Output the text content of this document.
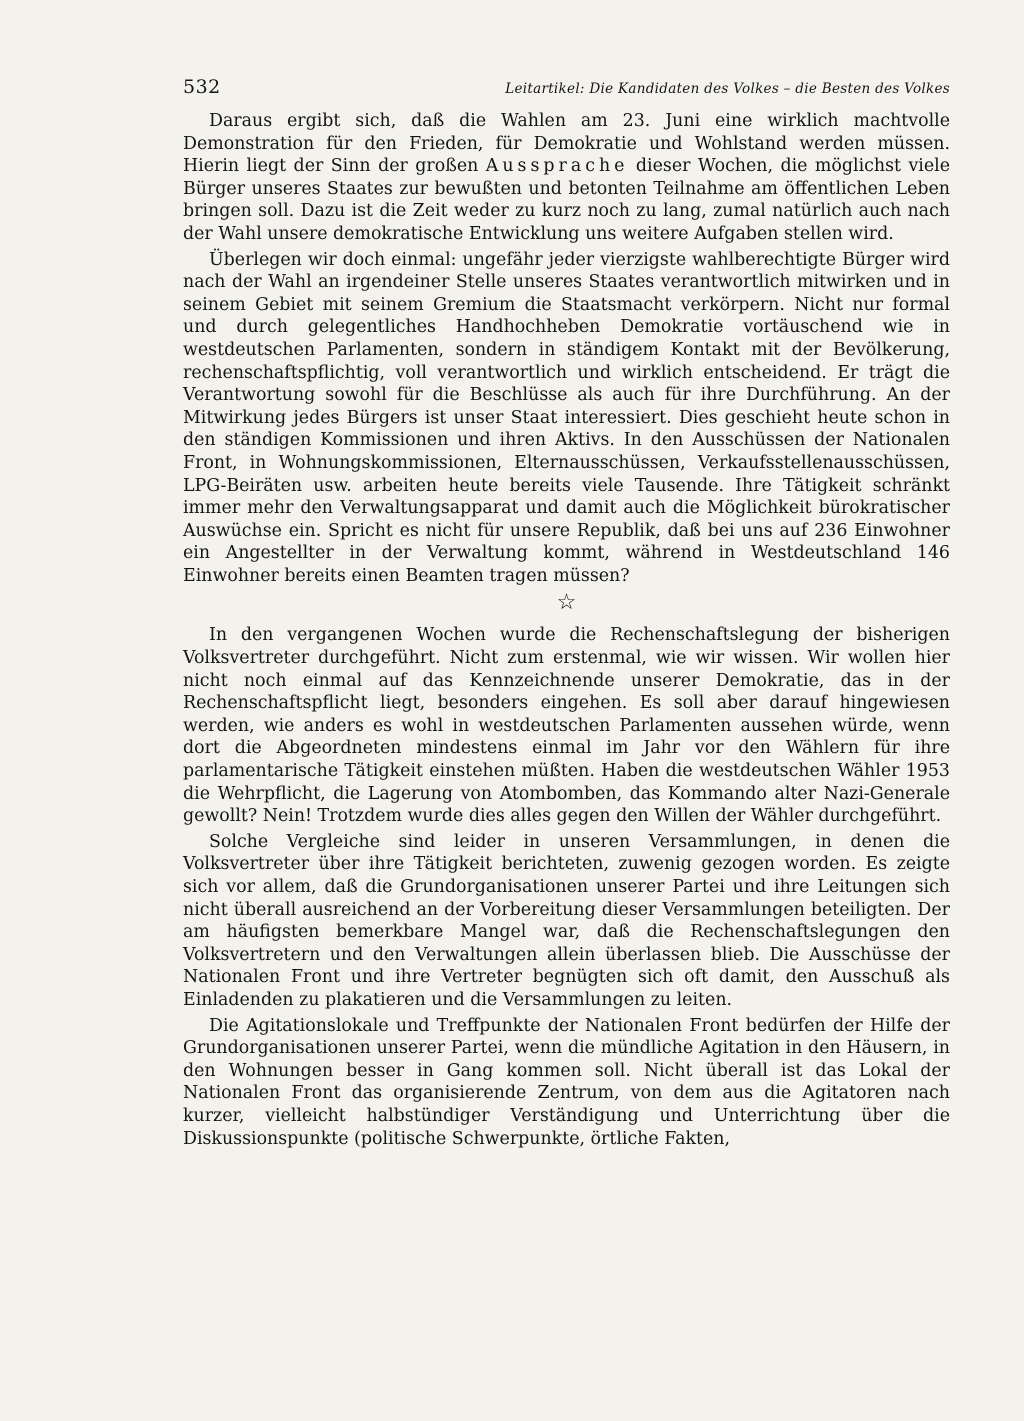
532	Leitartikel: Die Kandidaten des Volkes – die Besten des Volkes

Daraus ergibt sich, daß die Wahlen am 23. Juni eine wirklich machtvolle Demonstration für den Frieden, für Demokratie und Wohlstand werden müssen. Hierin liegt der Sinn der großen Aussprache dieser Wochen, die möglichst viele Bürger unseres Staates zur bewußten und betonten Teilnahme am öffentlichen Leben bringen soll. Dazu ist die Zeit weder zu kurz noch zu lang, zumal natürlich auch nach der Wahl unsere demokratische Entwicklung uns weitere Aufgaben stellen wird.

Überlegen wir doch einmal: ungefähr jeder vierzigste wahlberechtigte Bürger wird nach der Wahl an irgendeiner Stelle unseres Staates verantwortlich mitwirken und in seinem Gebiet mit seinem Gremium die Staatsmacht verkörpern. Nicht nur formal und durch gelegentliches Handhochheben Demokratie vortäuschend wie in westdeutschen Parlamenten, sondern in ständigem Kontakt mit der Bevölkerung, rechenschaftspflichtig, voll verantwortlich und wirklich entscheidend. Er trägt die Verantwortung sowohl für die Beschlüsse als auch für ihre Durchführung. An der Mitwirkung jedes Bürgers ist unser Staat interessiert. Dies geschieht heute schon in den ständigen Kommissionen und ihren Aktivs. In den Ausschüssen der Nationalen Front, in Wohnungskommissionen, Elternausschüssen, Verkaufsstellenausschüssen, LPG-Beiräten usw. arbeiten heute bereits viele Tausende. Ihre Tätigkeit schränkt immer mehr den Verwaltungsapparat und damit auch die Möglichkeit bürokratischer Auswüchse ein. Spricht es nicht für unsere Republik, daß bei uns auf 236 Einwohner ein Angestellter in der Verwaltung kommt, während in Westdeutschland 146 Einwohner bereits einen Beamten tragen müssen?

☆

In den vergangenen Wochen wurde die Rechenschaftslegung der bisherigen Volksvertreter durchgeführt. Nicht zum erstenmal, wie wir wissen. Wir wollen hier nicht noch einmal auf das Kennzeichnende unserer Demokratie, das in der Rechenschaftspflicht liegt, besonders eingehen. Es soll aber darauf hingewiesen werden, wie anders es wohl in westdeutschen Parlamenten aussehen würde, wenn dort die Abgeordneten mindestens einmal im Jahr vor den Wählern für ihre parlamentarische Tätigkeit einstehen müßten. Haben die westdeutschen Wähler 1953 die Wehrpflicht, die Lagerung von Atombomben, das Kommando alter Nazi-Generale gewollt? Nein! Trotzdem wurde dies alles gegen den Willen der Wähler durchgeführt.

Solche Vergleiche sind leider in unseren Versammlungen, in denen die Volksvertreter über ihre Tätigkeit berichteten, zuwenig gezogen worden. Es zeigte sich vor allem, daß die Grundorganisationen unserer Partei und ihre Leitungen sich nicht überall ausreichend an der Vorbereitung dieser Versammlungen beteiligten. Der am häufigsten bemerkbare Mangel war, daß die Rechenschaftslegungen den Volksvertretern und den Verwaltungen allein überlassen blieb. Die Ausschüsse der Nationalen Front und ihre Vertreter begnügten sich oft damit, den Ausschuß als Einladenden zu plakatieren und die Versammlungen zu leiten.

Die Agitationslokale und Treffpunkte der Nationalen Front bedürfen der Hilfe der Grundorganisationen unserer Partei, wenn die mündliche Agitation in den Häusern, in den Wohnungen besser in Gang kommen soll. Nicht überall ist das Lokal der Nationalen Front das organisierende Zentrum, von dem aus die Agitatoren nach kurzer, vielleicht halbstündiger Verständigung und Unterrichtung über die Diskussionspunkte (politische Schwerpunkte, örtliche Fakten,
